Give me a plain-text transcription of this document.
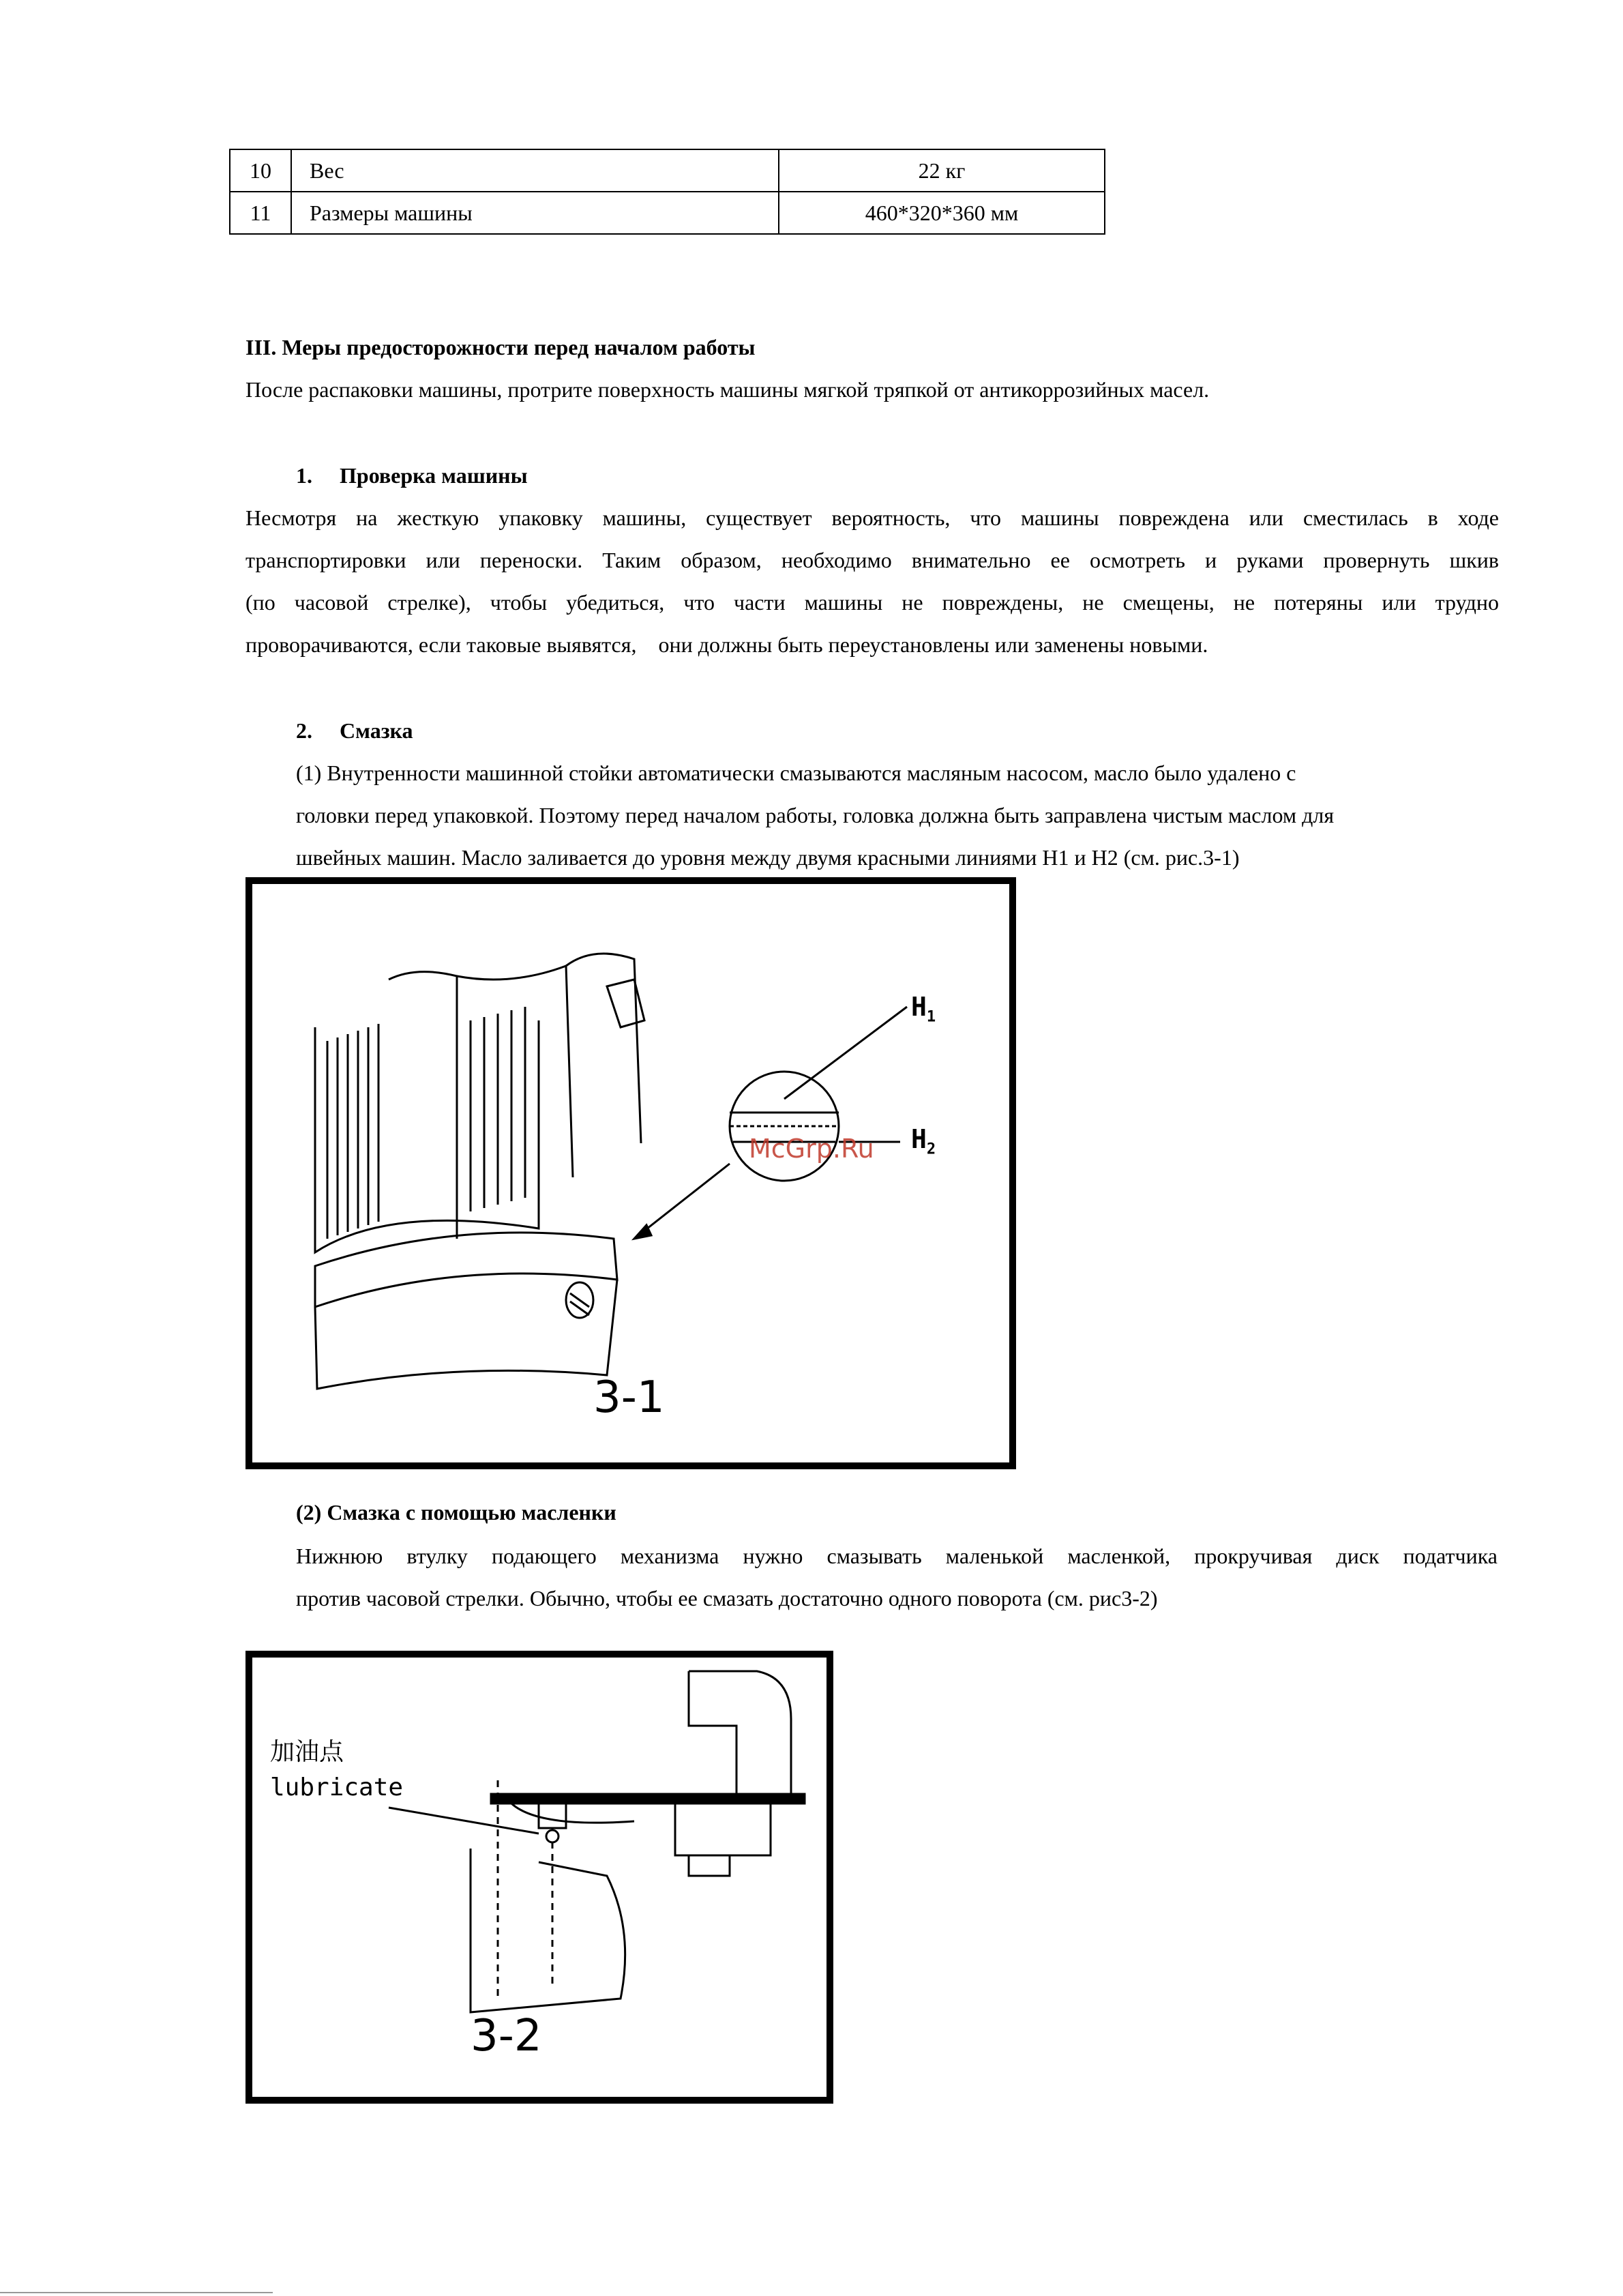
10	Вес	22 кг
11	Размеры машины	460*320*360 мм
III. Меры предосторожности перед началом работы
После распаковки машины, протрите поверхность машины мягкой тряпкой от антикоррозийных масел.
1.     Проверка машины
Несмотря на жесткую упаковку машины, существует вероятность, что машины повреждена или сместилась в ходе
транспортировки или переноски. Таким образом, необходимо внимательно ее осмотреть и руками провернуть шкив
(по часовой стрелке), чтобы убедиться, что части машины не повреждены, не смещены, не потеряны или трудно
проворачиваются, если таковые выявятся,    они должны быть переустановлены или заменены новыми.
2.     Смазка
(1) Внутренности машинной стойки автоматически смазываются масляным насосом, масло было удалено с
головки перед упаковкой. Поэтому перед началом работы, головка должна быть заправлена чистым маслом для
швейных машин. Масло заливается до уровня между двумя красными линиями H1 и H2 (см. рис.3-1)
$H_1$
$H_2$
3-1
McGrp.Ru
(2) Смазка с помощью масленки
Нижнюю втулку подающего механизма нужно смазывать маленькой масленкой, прокручивая диск податчика
против часовой стрелки. Обычно, чтобы ее смазать достаточно одного поворота (см. рис3-2)
加油点
lubricate
3-2
